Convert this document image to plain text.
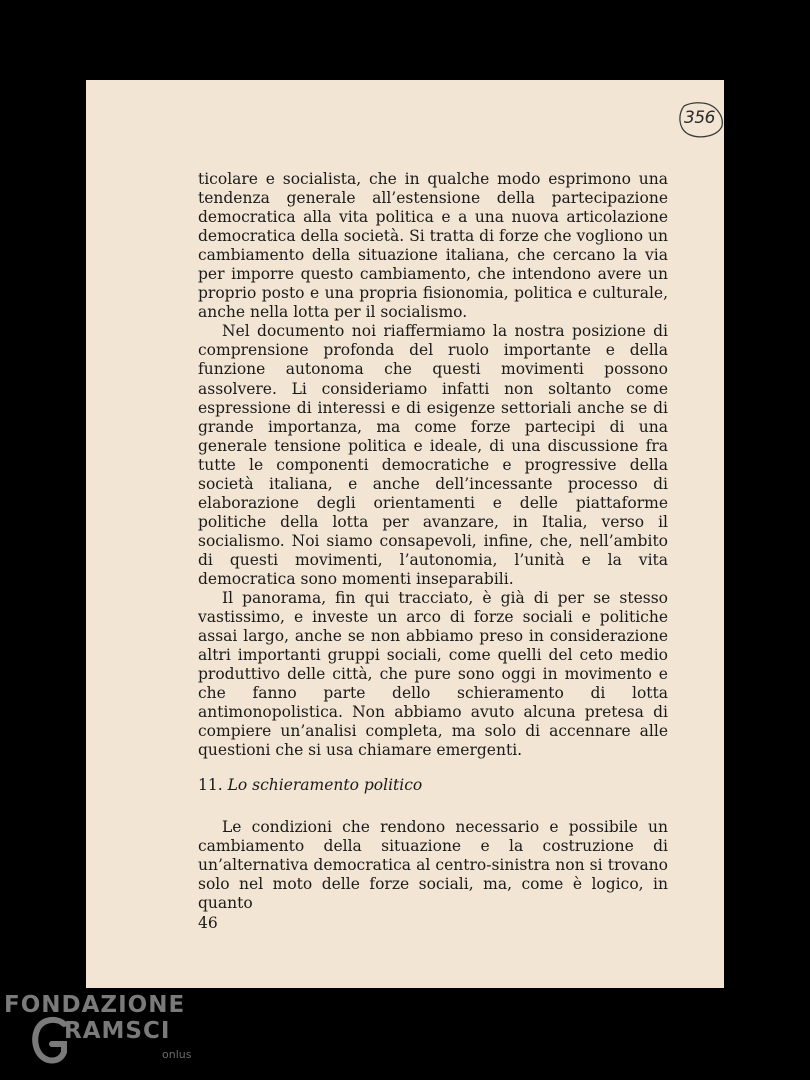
356

ticolare e socialista, che in qualche modo esprimono una tendenza generale all’estensione della partecipazione democratica alla vita politica e a una nuova articolazione democratica della società. Si tratta di forze che vogliono un cambiamento della situazione italiana, che cercano la via per imporre questo cambiamento, che intendono avere un proprio posto e una propria fisionomia, politica e culturale, anche nella lotta per il socialismo.

Nel documento noi riaffermiamo la nostra posizione di comprensione profonda del ruolo importante e della funzione autonoma che questi movimenti possono assolvere. Li consideriamo infatti non soltanto come espressione di interessi e di esigenze settoriali anche se di grande importanza, ma come forze partecipi di una generale tensione politica e ideale, di una discussione fra tutte le componenti democratiche e progressive della società italiana, e anche dell’incessante processo di elaborazione degli orientamenti e delle piattaforme politiche della lotta per avanzare, in Italia, verso il socialismo. Noi siamo consapevoli, infine, che, nell’ambito di questi movimenti, l’autonomia, l’unità e la vita democratica sono momenti inseparabili.

Il panorama, fin qui tracciato, è già di per se stesso vastissimo, e investe un arco di forze sociali e politiche assai largo, anche se non abbiamo preso in considerazione altri importanti gruppi sociali, come quelli del ceto medio produttivo delle città, che pure sono oggi in movimento e che fanno parte dello schieramento di lotta antimonopolistica. Non abbiamo avuto alcuna pretesa di compiere un’analisi completa, ma solo di accennare alle questioni che si usa chiamare emergenti.

11. Lo schieramento politico

Le condizioni che rendono necessario e possibile un cambiamento della situazione e la costruzione di un’alternativa democratica al centro-sinistra non si trovano solo nel moto delle forze sociali, ma, come è logico, in quanto

46
FONDAZIONE
RAMSCI
onlus
